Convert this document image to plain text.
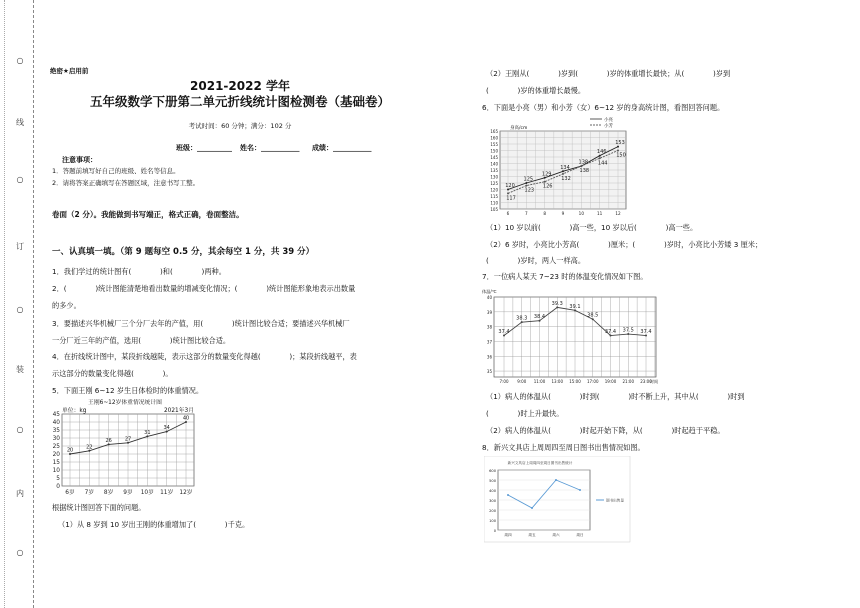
○
线
○
订
○
装
○
内
○
绝密★启用前
2021-2022 学年
五年级数学下册第二单元折线统计图检测卷（基础卷）
考试时间：60 分钟；满分：102 分
班级：__________ 姓名：___________ 成绩：___________
注意事项：
1．答题前填写好自己的班级、姓名等信息。
2．请将答案正确填写在答题区域，注意书写工整。
卷面（2 分）。我能做到书写端正，格式正确，卷面整洁。
一、认真填一填。（第 9 题每空 0.5 分，其余每空 1 分，共 39 分）
1．我们学过的统计图有(　　　　)和(　　　　)两种。
2．(　　　　)统计图能清楚地看出数量的增减变化情况；(　　　　)统计图能形象地表示出数量
的多少。
3．要描述兴华机械厂三个分厂去年的产值，用(　　　　)统计图比较合适；要描述兴华机械厂
一分厂近三年的产值，选用(　　　　)统计图比较合适。
4．在折线统计图中，某段折线越陡，表示这部分的数量变化得越(　　　　)；某段折线越平，表
示这部分的数量变化得越(　　　　)。
5．下面王刚 6~12 岁生日体检时的体重情况。
王刚6~12岁体重情况统计图
单位：kg	2021年3月
0
5
10
15
20
25
30
35
40
45
6岁 7岁 8岁 9岁 10岁 11岁 12岁
20
22
26	27
31
34
40
根据统计图回答下面的问题。
（1）从 8 岁到 10 岁出王刚的体重增加了(　　　　)千克。
（2）王刚从(　　　　)岁到(　　　　)岁的体重增长最快；从(　　　　)岁到
(　　　　)岁的体重增长最慢。
6．下面是小亮（男）和小芳（女）6~12 岁的身高统计图，看图回答问题。
身高/cm
小亮
小芳
105
110
115
120
125
130
135
140
145
150
155
160
165
6	7	8	9	10	11	12
120
125
129
134
138
146
153
117
123
126
132
138
144
150
（1）10 岁以前(　　　　)高一些，10 岁以后(　　　　)高一些。
（2）6 岁时，小亮比小芳高(　　　　)厘米；(　　　　)岁时，小亮比小芳矮 3 厘米；
(　　　　)岁时，两人一样高。
7．一位病人某天 7~23 时的体温变化情况如下图。
体温/℃
35
36
37
38
39
40
7:00 9:00 11:00 13:00 15:00 17:00 19:00 21:00 23:00
37.4
38.3 38.4
39.3 39.1
38.5
37.4 37.5 37.4
时间
（1）病人的体温从(　　　　)时到(　　　　)时不断上升，其中从(　　　　)时到
(　　　　)时上升最快。
（2）病人的体温从(　　　　)时起开始下降，从(　　　　)时起趋于平稳。
8．新兴文具店上周周四至周日图书出售情况如图。
新兴文具店上周周四至周日图书出售统计
0
100
200
300
400
500
600
周四	周五	周六	周日
图书出售量
